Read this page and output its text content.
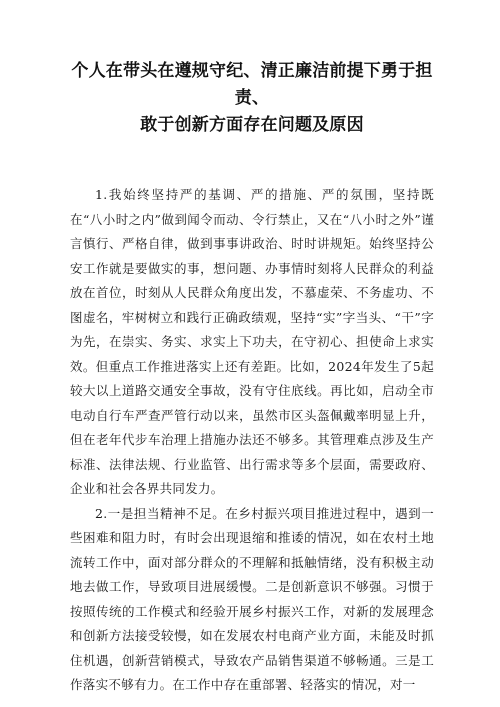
个人在带头在遵规守纪、清正廉洁前提下勇于担责、
敢于创新方面存在问题及原因

1.我始终坚持严的基调、严的措施、严的氛围，坚持既在“八小时之内”做到闻令而动、令行禁止，又在“八小时之外”谨言慎行、严格自律，做到事事讲政治、时时讲规矩。始终坚持公安工作就是要做实的事，想问题、办事情时刻将人民群众的利益放在首位，时刻从人民群众角度出发，不慕虚荣、不务虚功、不图虚名，牢树树立和践行正确政绩观，坚持“实”字当头、“干”字为先，在崇实、务实、求实上下功夫，在守初心、担使命上求实效。但重点工作推进落实上还有差距。比如，2024年发生了5起较大以上道路交通安全事故，没有守住底线。再比如，启动全市电动自行车严查严管行动以来，虽然市区头盔佩戴率明显上升，但在老年代步车治理上措施办法还不够多。其管理难点涉及生产标准、法律法规、行业监管、出行需求等多个层面，需要政府、企业和社会各界共同发力。

2.一是担当精神不足。在乡村振兴项目推进过程中，遇到一些困难和阻力时，有时会出现退缩和推诿的情况，如在农村土地流转工作中，面对部分群众的不理解和抵触情绪，没有积极主动地去做工作，导致项目进展缓慢。二是创新意识不够强。习惯于按照传统的工作模式和经验开展乡村振兴工作，对新的发展理念和创新方法接受较慢，如在发展农村电商产业方面，未能及时抓住机遇，创新营销模式，导致农产品销售渠道不够畅通。三是工作落实不够有力。在工作中存在重部署、轻落实的情况，对一
